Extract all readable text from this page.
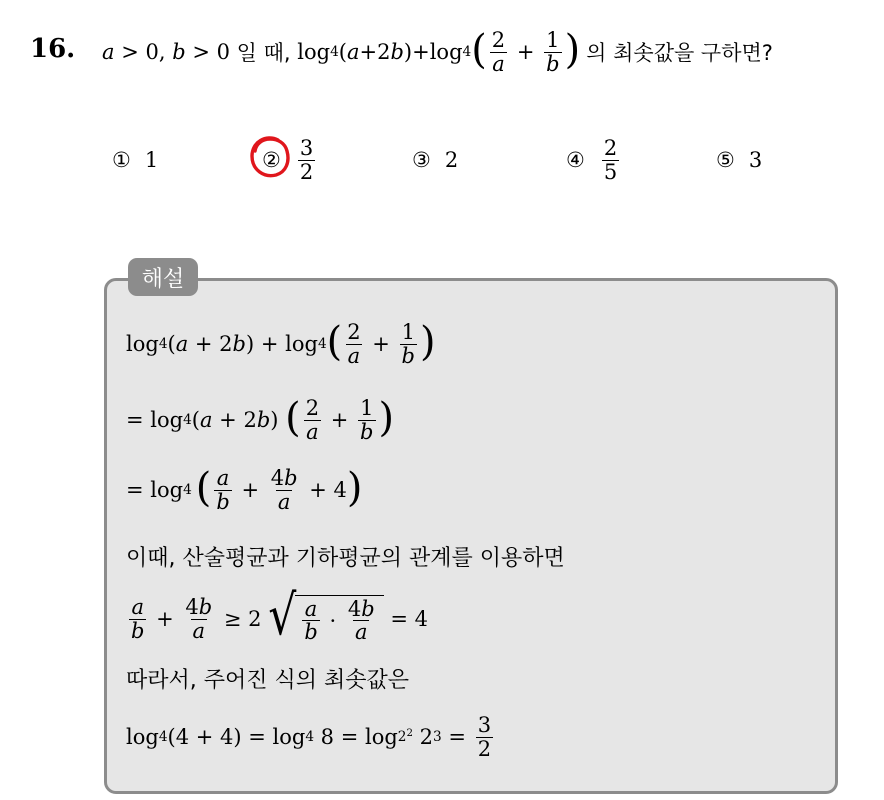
16. a > 0, b > 0 일 때, log 4 ( a +2 b ) + log 4 ( $\frac{2}{a} + \frac{1}{b}$ ) 의 최솟값을 구하면?
① 1	② $\frac{3}{2}$	③ 2	④ $\frac{2}{5}$	⑤ 3
해설
log 4 (a + 2b) + log 4 ( $\frac{2}{a} + \frac{1}{b}$ )
= log 4 (a + 2b) ( $\frac{2}{a} + \frac{1}{b}$ )
= log 4 ( $\frac{a}{b} + \frac{4b}{a} + 4$ )
이때, 산술평균과 기하평균의 관계를 이용하면
$\frac{a}{b} + \frac{4b}{a} \ge 2$ √ $\frac{a}{b} \cdot \frac{4b}{a} = 4$
따라서, 주어진 식의 최솟값은
log 4 (4 + 4) = log 4 $8 = \log 2^2$ 2 $3 = \frac{3}{2}$
